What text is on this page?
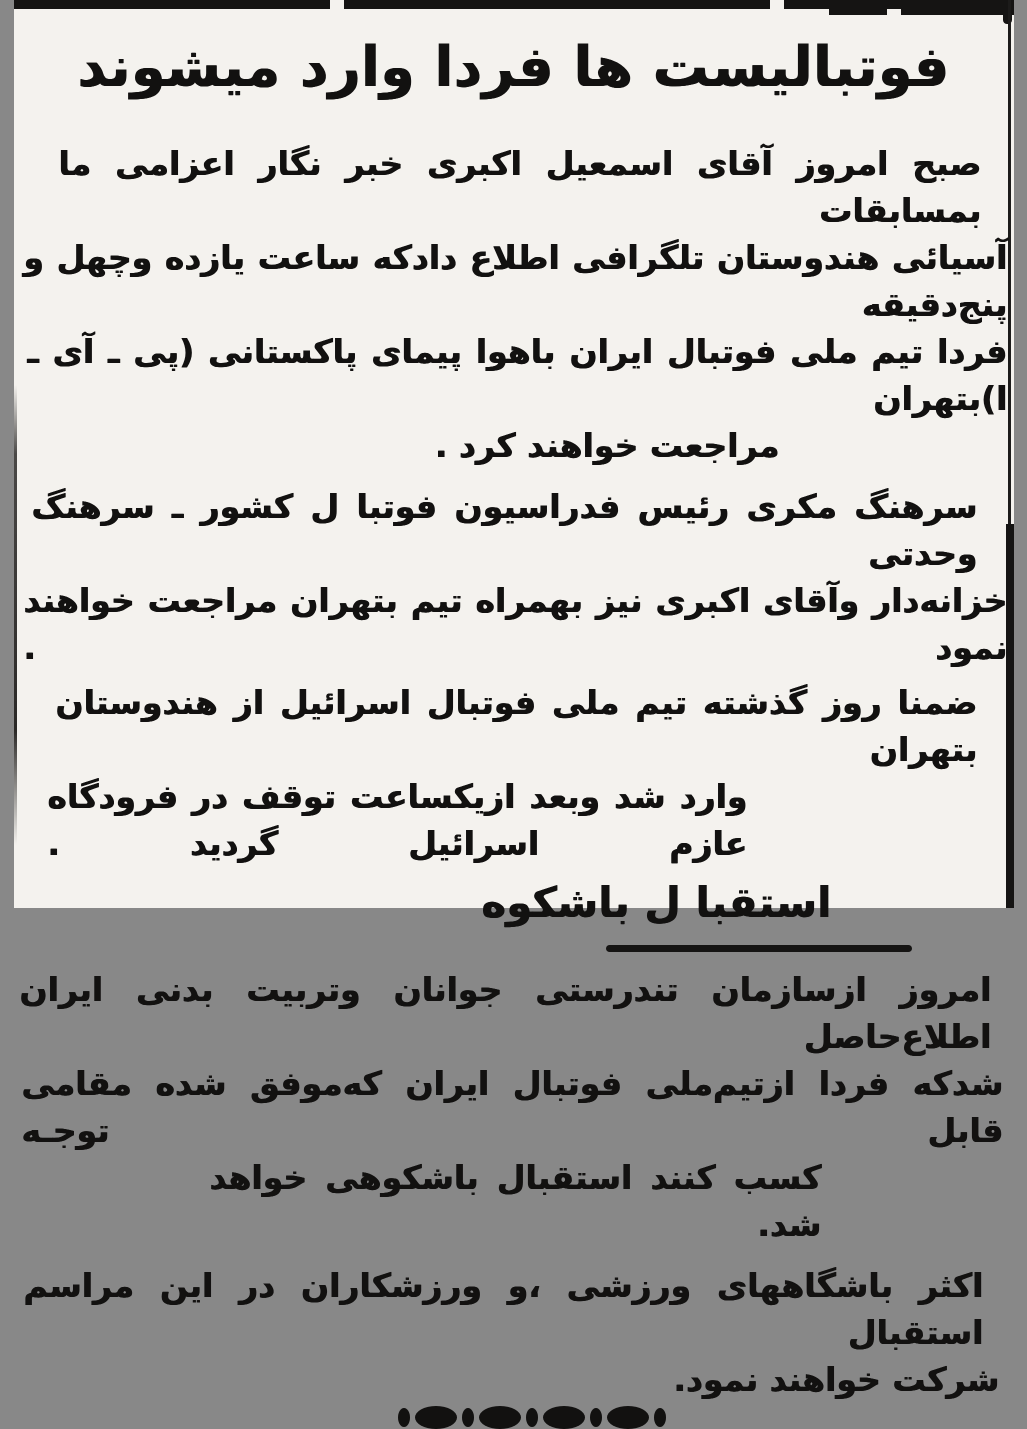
فوتبالیست ها فردا وارد میشوند
صبح امروز آقای اسمعیل اکبری خبر نگار اعزامی ما بمسابقات
آسیائی هندوستان تلگرافی اطلاع دادکه ساعت یازده وچهل و پنج‌دقیقه
فردا تیم ملی فوتبال ایران باهوا پیمای پاکستانی (پی ـ آی ـ ا)بتهران
مراجعت خواهند کرد .
سرهنگ مکری رئیس فدراسیون فوتبا ل کشور ـ سرهنگ وحدتی
خزانه‌دار وآقای اکبری نیز بهمراه تیم بتهران مراجعت خواهند نمود .
ضمنا روز گذشته تیم ملی فوتبال اسرائیل از هندوستان بتهران
وارد شد وبعد ازیکساعت توقف در فرودگاه عازم اسرائیل گردید .
استقبا ل باشکوه
امروز ازسازمان تندرستی جوانان وتربیت بدنی ایران اطلاع‌حاصل
شدکه فردا ازتیم‌ملی فوتبال ایران که‌موفق شده مقامی قابل توجـه
کسب کنند استقبال باشکوهی خواهد شد.
اکثر باشگاههای ورزشی ،و ورزشکاران در این مراسم استقبال
شرکت خواهند نمود.
